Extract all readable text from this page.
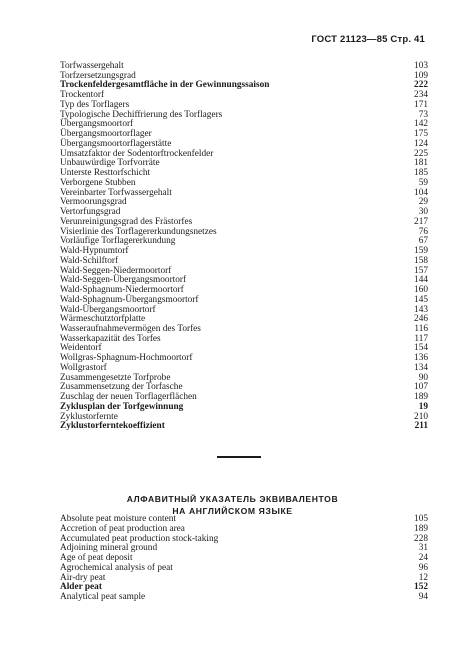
ГОСТ 21123—85 Стр. 41
Torfwassergehalt	103
Torfzersetzungsgrad	109
Trockenfeldergesamtfläche in der Gewinnungssaison	222
Trockentorf	234
Typ des Torflagers	171
Typologische Dechiffrierung des Torflagers	73
Übergangsmoortorf	142
Übergangsmoortorflager	175
Übergangsmoortorflagerstätte	124
Umsatzfaktor der Sodentorftrockenfelder	225
Unbauwürdige Torfvorräte	181
Unterste Resttorfschicht	185
Verborgene Stubben	59
Vereinbarter Torfwassergehalt	104
Vermoorungsgrad	29
Vertorfungsgrad	30
Verunreinigungsgrad des Frästorfes	217
Visierlinie des Torflagererkundungsnetzes	76
Vorläufige Torflagererkundung	67
Wald-Hypnumtorf	159
Wald-Schilftorf	158
Wald-Seggen-Niedermoortorf	157
Wald-Seggen-Übergangsmoortorf	144
Wald-Sphagnum-Niedermoortorf	160
Wald-Sphagnum-Übergangsmoortorf	145
Wald-Übergangsmoortorf	143
Wärmeschutztorfplatte	246
Wasseraufnahmevermögen des Torfes	116
Wasserkapazität des Torfes	117
Weidentorf	154
Wollgras-Sphagnum-Hochmoortorf	136
Wollgrastorf	134
Zusammengesetzte Torfprobe	90
Zusammensetzung der Torfasche	107
Zuschlag der neuen Torflagerflächen	189
Zyklusplan der Torfgewinnung	19
Zyklustorfernte	210
Zyklustorferntekoeffizient	211
АЛФАВИТНЫЙ УКАЗАТЕЛЬ ЭКВИВАЛЕНТОВ
НА АНГЛИЙСКОМ ЯЗЫКЕ
Absolute peat moisture content	105
Accretion of peat production area	189
Accumulated peat production stock-taking	228
Adjoining mineral ground	31
Age of peat deposit	24
Agrochemical analysis of peat	96
Air-dry peat	12
Alder peat	152
Analytical peat sample	94
